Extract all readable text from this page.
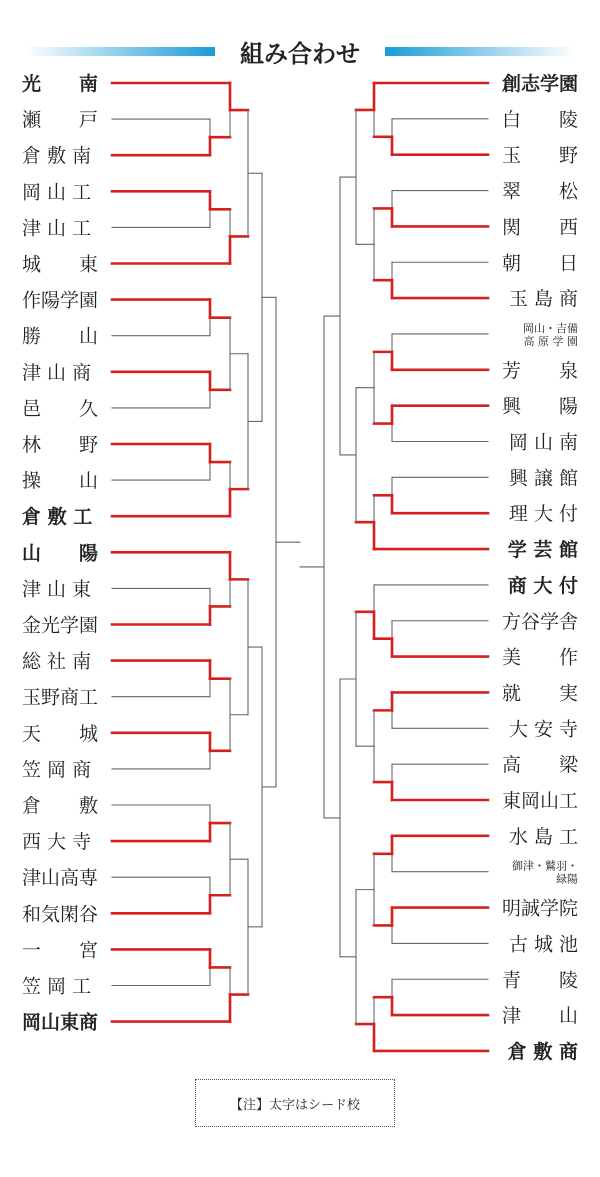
組み合わせ
光　　南
瀬　　戸
倉 敷 南
岡 山 工
津 山 工
城　　東
作陽学園
勝　　山
津 山 商
邑　　久
林　　野
操　　山
倉 敷 工
山　　陽
津 山 東
金光学園
総 社 南
玉野商工
天　　城
笠 岡 商
倉　　敷
西 大 寺
津山高専
和気閑谷
一　　宮
笠 岡 工
岡山東商
創志学園
白　　陵
玉　　野
翠　　松
関　　西
朝　　日
玉 島 商
高 原 学 園
岡山・吉備
芳　　泉
興　　陽
岡 山 南
興 譲 館
理 大 付
学 芸 館
商 大 付
方谷学舎
美　　作
就　　実
大 安 寺
高　　梁
東岡山工
水 島 工
緑陽
御津・鷲羽・
明誠学院
古 城 池
青　　陵
津　　山
倉 敷 商
【注】太字はシード校
